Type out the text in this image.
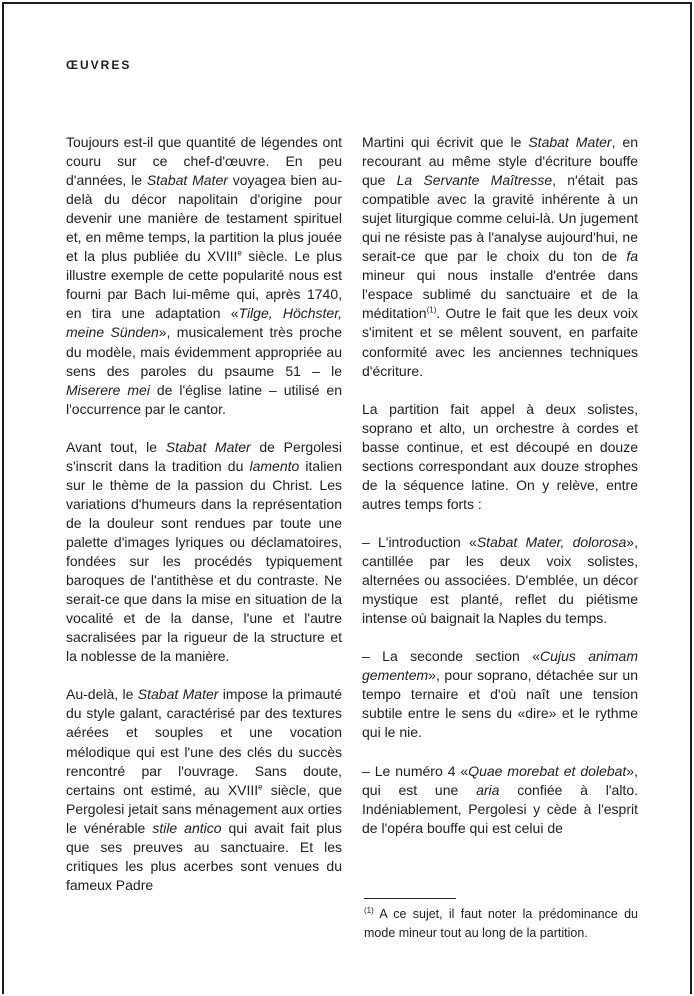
ŒUVRES

Toujours est-il que quantité de légendes ont couru sur ce chef-d'œuvre. En peu d'années, le Stabat Mater voyagea bien au-delà du décor napolitain d'origine pour devenir une manière de testament spirituel et, en même temps, la partition la plus jouée et la plus publiée du XVIIIe siècle. Le plus illustre exemple de cette popularité nous est fourni par Bach lui-même qui, après 1740, en tira une adaptation «Tilge, Höchster, meine Sünden», musicalement très proche du modèle, mais évidemment appropriée au sens des paroles du psaume 51 – le Miserere mei de l'église latine – utilisé en l'occurrence par le cantor.

Avant tout, le Stabat Mater de Pergolesi s'inscrit dans la tradition du lamento italien sur le thème de la passion du Christ. Les variations d'humeurs dans la représentation de la douleur sont rendues par toute une palette d'images lyriques ou déclamatoires, fondées sur les procédés typiquement baroques de l'antithèse et du contraste. Ne serait-ce que dans la mise en situation de la vocalité et de la danse, l'une et l'autre sacralisées par la rigueur de la structure et la noblesse de la manière.

Au-delà, le Stabat Mater impose la primauté du style galant, caractérisé par des textures aérées et souples et une vocation mélodique qui est l'une des clés du succès rencontré par l'ouvrage. Sans doute, certains ont estimé, au XVIIIe siècle, que Pergolesi jetait sans ménagement aux orties le vénérable stile antico qui avait fait plus que ses preuves au sanctuaire. Et les critiques les plus acerbes sont venues du fameux Padre

Martini qui écrivit que le Stabat Mater, en recourant au même style d'écriture bouffe que La Servante Maîtresse, n'était pas compatible avec la gravité inhérente à un sujet liturgique comme celui-là. Un jugement qui ne résiste pas à l'analyse aujourd'hui, ne serait-ce que par le choix du ton de fa mineur qui nous installe d'entrée dans l'espace sublimé du sanctuaire et de la méditation$^{(1)}$. Outre le fait que les deux voix s'imitent et se mêlent souvent, en parfaite conformité avec les anciennes techniques d'écriture.

La partition fait appel à deux solistes, soprano et alto, un orchestre à cordes et basse continue, et est découpé en douze sections correspondant aux douze strophes de la séquence latine. On y relève, entre autres temps forts :

– L'introduction «Stabat Mater, dolorosa», cantillée par les deux voix solistes, alternées ou associées. D'emblée, un décor mystique est planté, reflet du piétisme intense où baignait la Naples du temps.

– La seconde section «Cujus animam gementem», pour soprano, détachée sur un tempo ternaire et d'où naît une tension subtile entre le sens du «dire» et le rythme qui le nie.

– Le numéro 4 «Quae morebat et dolebat», qui est une aria confiée à l'alto. Indéniablement, Pergolesi y cède à l'esprit de l'opéra bouffe qui est celui de

$^{(1)}$ A ce sujet, il faut noter la prédominance du mode mineur tout au long de la partition.
